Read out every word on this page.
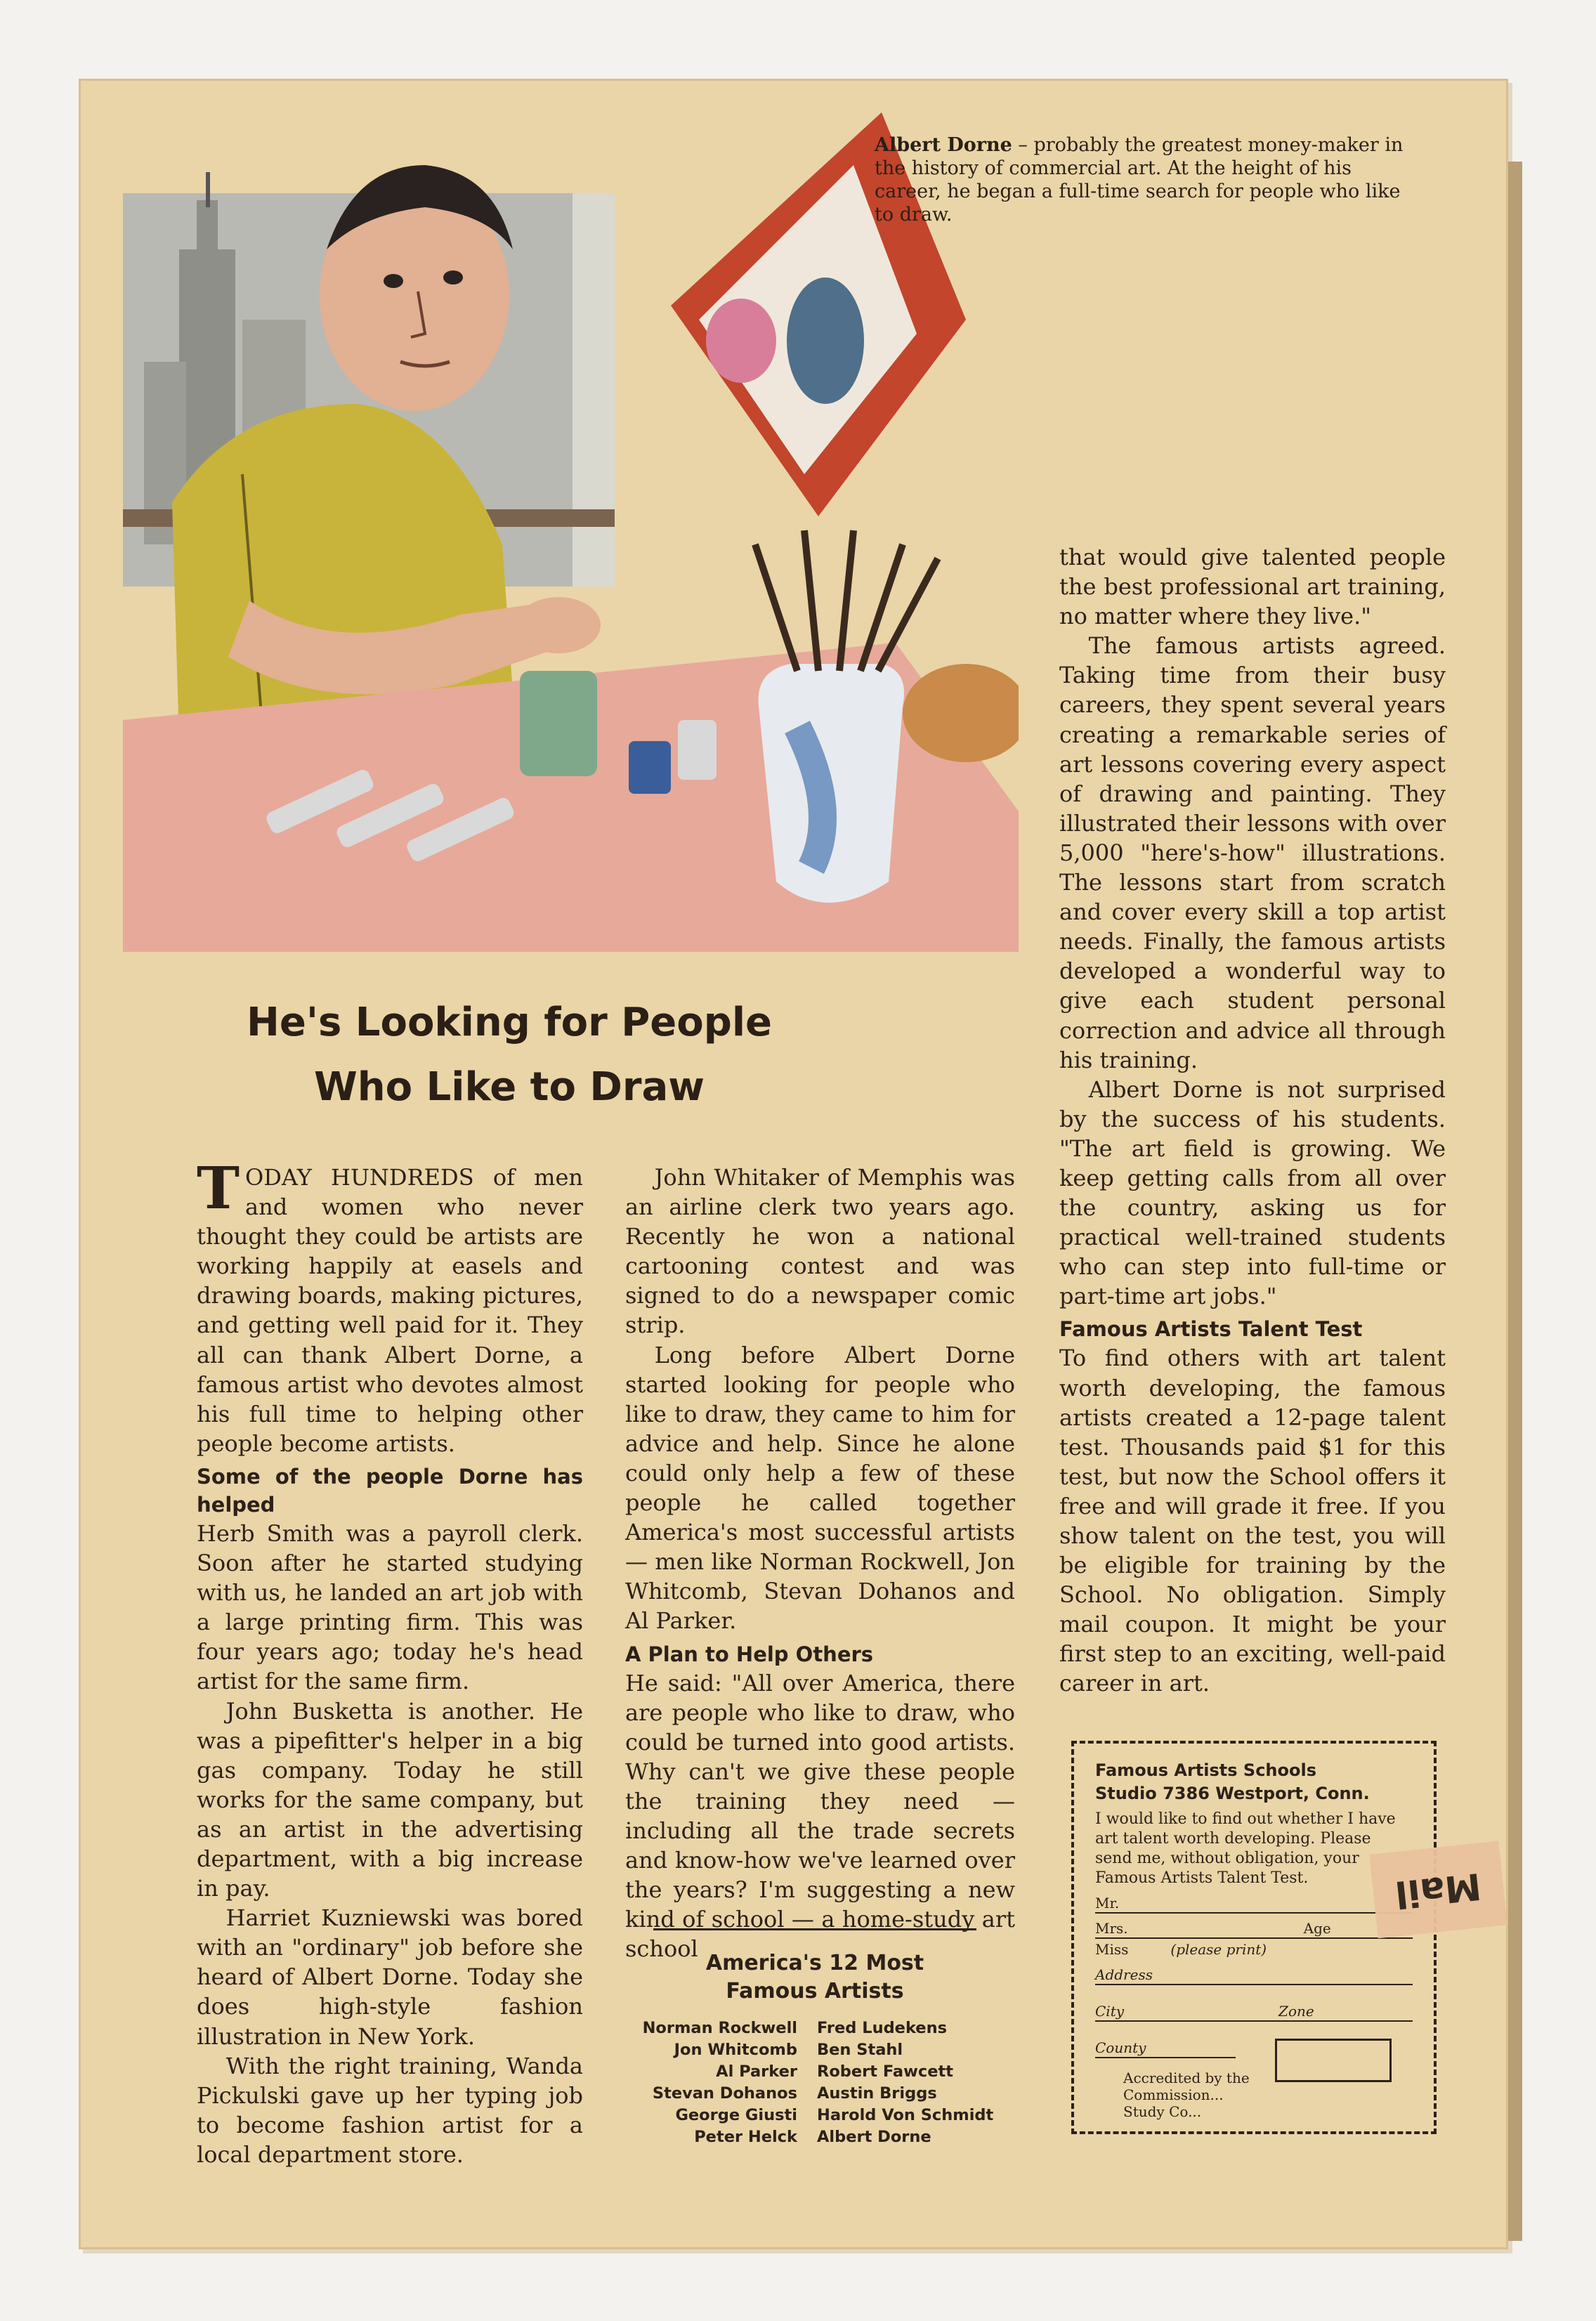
Albert Dorne – probably the greatest money-maker in the history of commercial art. At the height of his career, he began a full-time search for people who like to draw.
He's Looking for People
Who Like to Draw

TODAY HUNDREDS of men and women who never thought they could be artists are working happily at easels and drawing boards, making pictures, and getting well paid for it. They all can thank Albert Dorne, a famous artist who devotes almost his full time to helping other people become artists.

Some of the people Dorne has helped

Herb Smith was a payroll clerk. Soon after he started studying with us, he landed an art job with a large printing firm. This was four years ago; today he's head artist for the same firm.

John Busketta is another. He was a pipefitter's helper in a big gas company. Today he still works for the same company, but as an artist in the advertising department, with a big increase in pay.

Harriet Kuzniewski was bored with an "ordinary" job before she heard of Albert Dorne. Today she does high-style fashion illustration in New York.

With the right training, Wanda Pickulski gave up her typing job to become fashion artist for a local department store.

John Whitaker of Memphis was an airline clerk two years ago. Recently he won a national cartooning contest and was signed to do a newspaper comic strip.

Long before Albert Dorne started looking for people who like to draw, they came to him for advice and help. Since he alone could only help a few of these people he called together America's most successful artists — men like Norman Rockwell, Jon Whitcomb, Stevan Dohanos and Al Parker.

A Plan to Help Others

He said: "All over America, there are people who like to draw, who could be turned into good artists. Why can't we give these people the training they need — including all the trade secrets and know-how we've learned over the years? I'm suggesting a new kind of school — a home-study art school

that would give talented people the best professional art training, no matter where they live."

The famous artists agreed. Taking time from their busy careers, they spent several years creating a remarkable series of art lessons covering every aspect of drawing and painting. They illustrated their lessons with over 5,000 "here's-how" illustrations. The lessons start from scratch and cover every skill a top artist needs. Finally, the famous artists developed a wonderful way to give each student personal correction and advice all through his training.

Albert Dorne is not surprised by the success of his students. "The art field is growing. We keep getting calls from all over the country, asking us for practical well-trained students who can step into full-time or part-time art jobs."

Famous Artists Talent Test

To find others with art talent worth developing, the famous artists created a 12-page talent test. Thousands paid $1 for this test, but now the School offers it free and will grade it free. If you show talent on the test, you will be eligible for training by the School. No obligation. Simply mail coupon. It might be your first step to an exciting, well-paid career in art.

America's 12 Most
Famous Artists
Norman Rockwell	Fred Ludekens
Jon Whitcomb	Ben Stahl
Al Parker	Robert Fawcett
Stevan Dohanos	Austin Briggs
George Giusti	Harold Von Schmidt
Peter Helck	Albert Dorne
Famous Artists Schools
Studio 7386 Westport, Conn.
I would like to find out whether I have art talent worth developing. Please send me, without obligation, your Famous Artists Talent Test.
Mr.
Mrs.	Age
Miss	(please print)
Address
City	Zone
County
Accredited by the Commission... Study Co...
Mail
